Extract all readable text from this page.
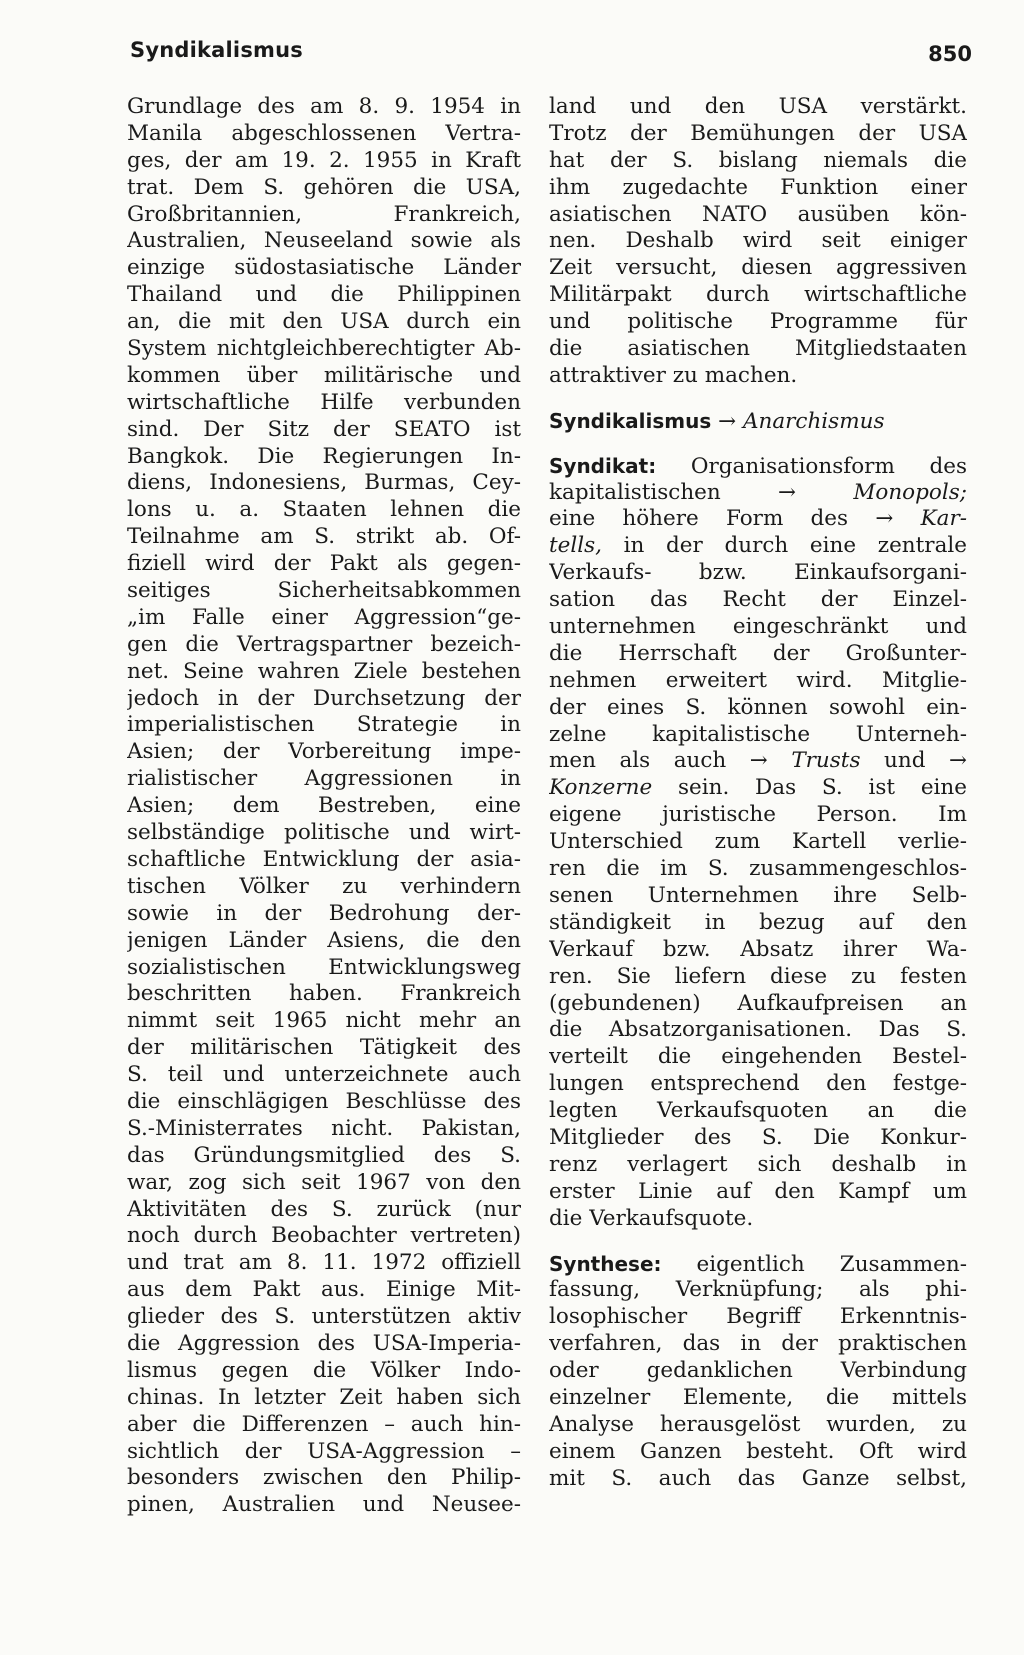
Syndikalismus	850
Grundlage des am 8. 9. 1954 in
Manila abgeschlossenen Vertra-
ges, der am 19. 2. 1955 in Kraft
trat. Dem S. gehören die USA,
Großbritannien, Frankreich,
Australien, Neuseeland sowie als
einzige südostasiatische Länder
Thailand und die Philippinen
an, die mit den USA durch ein
System nichtgleichberechtigter Ab-
kommen über militärische und
wirtschaftliche Hilfe verbunden
sind. Der Sitz der SEATO ist
Bangkok. Die Regierungen In-
diens, Indonesiens, Burmas, Cey-
lons u. a. Staaten lehnen die
Teilnahme am S. strikt ab. Of-
fiziell wird der Pakt als gegen-
seitiges Sicherheitsabkommen
„im Falle einer Aggression“ge-
gen die Vertragspartner bezeich-
net. Seine wahren Ziele bestehen
jedoch in der Durchsetzung der
imperialistischen Strategie in
Asien; der Vorbereitung impe-
rialistischer Aggressionen in
Asien; dem Bestreben, eine
selbständige politische und wirt-
schaftliche Entwicklung der asia-
tischen Völker zu verhindern
sowie in der Bedrohung der-
jenigen Länder Asiens, die den
sozialistischen Entwicklungsweg
beschritten haben. Frankreich
nimmt seit 1965 nicht mehr an
der militärischen Tätigkeit des
S. teil und unterzeichnete auch
die einschlägigen Beschlüsse des
S.-Ministerrates nicht. Pakistan,
das Gründungsmitglied des S.
war, zog sich seit 1967 von den
Aktivitäten des S. zurück (nur
noch durch Beobachter vertreten)
und trat am 8. 11. 1972 offiziell
aus dem Pakt aus. Einige Mit-
glieder des S. unterstützen aktiv
die Aggression des USA-Imperia-
lismus gegen die Völker Indo-
chinas. In letzter Zeit haben sich
aber die Differenzen – auch hin-
sichtlich der USA-Aggression –
besonders zwischen den Philip-
pinen, Australien und Neusee-
land und den USA verstärkt.
Trotz der Bemühungen der USA
hat der S. bislang niemals die
ihm zugedachte Funktion einer
asiatischen NATO ausüben kön-
nen. Deshalb wird seit einiger
Zeit versucht, diesen aggressiven
Militärpakt durch wirtschaftliche
und politische Programme für
die asiatischen Mitgliedstaaten
attraktiver zu machen.
Syndikalismus → Anarchismus
Syndikat: Organisationsform des
kapitalistischen	→	Monopols;
eine höhere Form des → Kar-
tells, in der durch eine zentrale
Verkaufs- bzw. Einkaufsorgani-
sation das Recht der Einzel-
unternehmen eingeschränkt und
die Herrschaft der Großunter-
nehmen erweitert wird. Mitglie-
der eines S. können sowohl ein-
zelne kapitalistische Unterneh-
men als auch → Trusts und →
Konzerne sein. Das S. ist eine
eigene juristische Person. Im
Unterschied zum Kartell verlie-
ren die im S. zusammengeschlos-
senen Unternehmen ihre Selb-
ständigkeit in bezug auf den
Verkauf bzw. Absatz ihrer Wa-
ren. Sie liefern diese zu festen
(gebundenen) Aufkaufpreisen an
die Absatzorganisationen. Das S.
verteilt die eingehenden Bestel-
lungen entsprechend den festge-
legten Verkaufsquoten an die
Mitglieder des S. Die Konkur-
renz verlagert sich deshalb in
erster Linie auf den Kampf um
die Verkaufsquote.
Synthese: eigentlich Zusammen-
fassung, Verknüpfung; als phi-
losophischer Begriff Erkenntnis-
verfahren, das in der praktischen
oder gedanklichen Verbindung
einzelner Elemente, die mittels
Analyse herausgelöst wurden, zu
einem Ganzen besteht. Oft wird
mit S. auch das Ganze selbst,
